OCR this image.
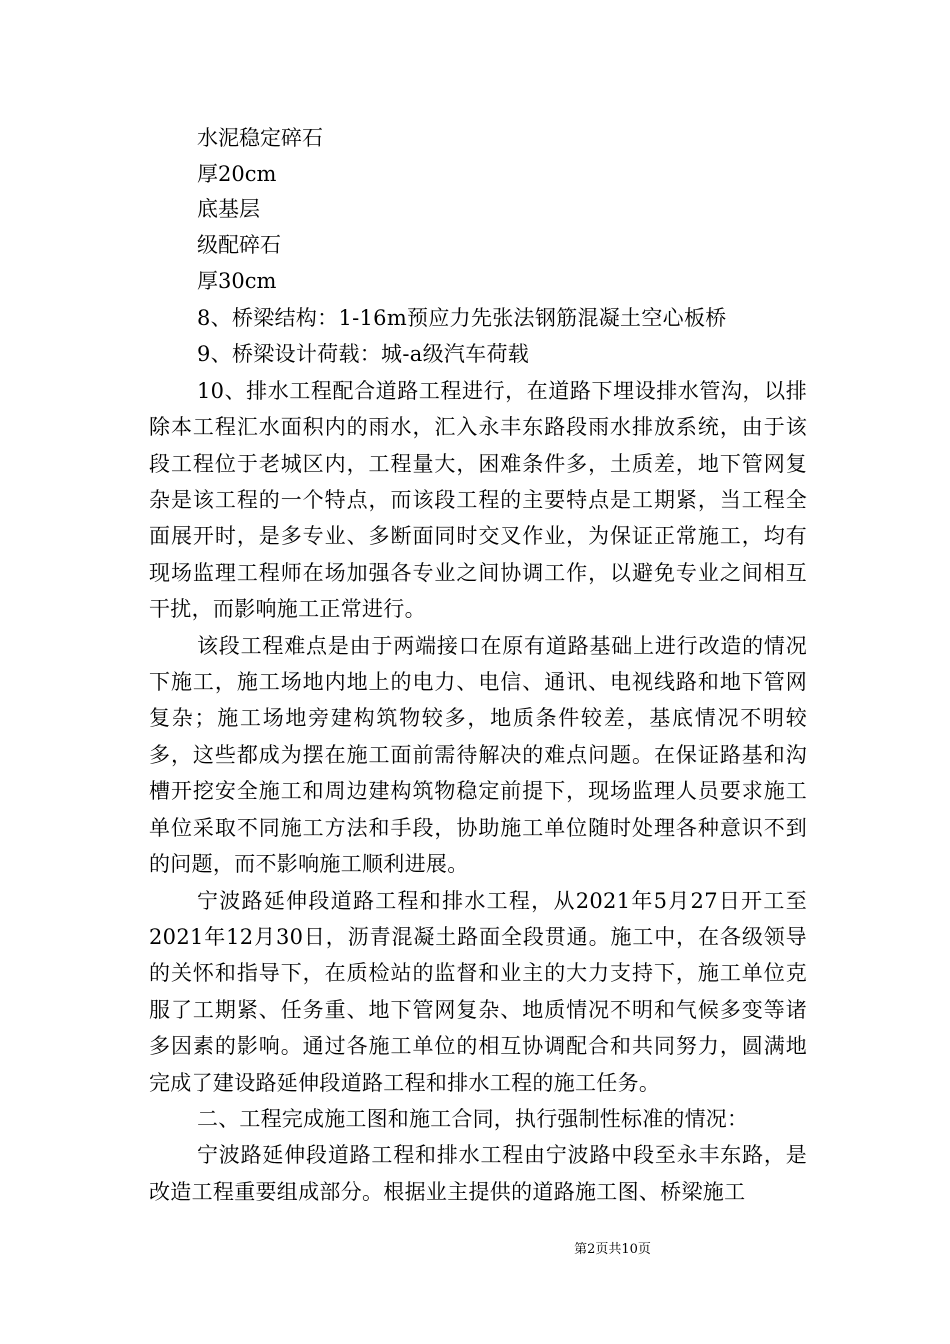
水泥稳定碎石
厚20cm
底基层
级配碎石
厚30cm

8、桥梁结构：1-16m预应力先张法钢筋混凝土空心板桥

9、桥梁设计荷载：城-a级汽车荷载

10、排水工程配合道路工程进行，在道路下埋设排水管沟，以排除本工程汇水面积内的雨水，汇入永丰东路段雨水排放系统，由于该段工程位于老城区内，工程量大，困难条件多，土质差，地下管网复杂是该工程的一个特点，而该段工程的主要特点是工期紧，当工程全面展开时，是多专业、多断面同时交叉作业，为保证正常施工，均有现场监理工程师在场加强各专业之间协调工作，以避免专业之间相互干扰，而影响施工正常进行。

该段工程难点是由于两端接口在原有道路基础上进行改造的情况下施工，施工场地内地上的电力、电信、通讯、电视线路和地下管网复杂；施工场地旁建构筑物较多，地质条件较差，基底情况不明较多，这些都成为摆在施工面前需待解决的难点问题。在保证路基和沟槽开挖安全施工和周边建构筑物稳定前提下，现场监理人员要求施工单位采取不同施工方法和手段，协助施工单位随时处理各种意识不到的问题，而不影响施工顺利进展。

宁波路延伸段道路工程和排水工程，从2021年5月27日开工至2021年12月30日，沥青混凝土路面全段贯通。施工中，在各级领导的关怀和指导下，在质检站的监督和业主的大力支持下，施工单位克服了工期紧、任务重、地下管网复杂、地质情况不明和气候多变等诸多因素的影响。通过各施工单位的相互协调配合和共同努力，圆满地完成了建设路延伸段道路工程和排水工程的施工任务。

二、工程完成施工图和施工合同，执行强制性标准的情况：

宁波路延伸段道路工程和排水工程由宁波路中段至永丰东路，是改造工程重要组成部分。根据业主提供的道路施工图、桥梁施工

第2页共10页
